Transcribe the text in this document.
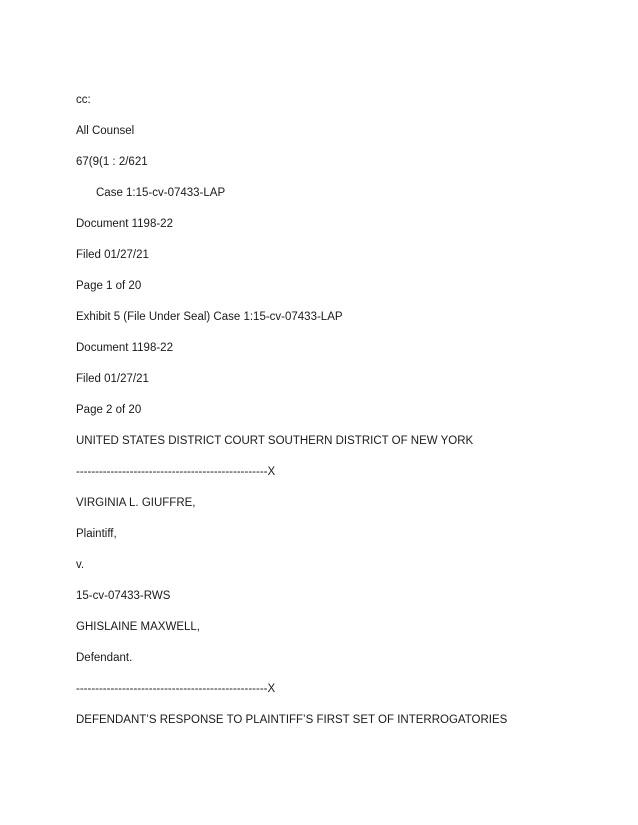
cc:

All Counsel

67(9(1 : 2/621

Case 1:15-cv-07433-LAP

Document 1198-22

Filed 01/27/21

Page 1 of 20

Exhibit 5 (File Under Seal) Case 1:15-cv-07433-LAP

Document 1198-22

Filed 01/27/21

Page 2 of 20

UNITED STATES DISTRICT COURT SOUTHERN DISTRICT OF NEW YORK

--------------------------------------------------X

VIRGINIA L. GIUFFRE,

Plaintiff,

v.

15-cv-07433-RWS

GHISLAINE MAXWELL,

Defendant.

--------------------------------------------------X

DEFENDANT’S RESPONSE TO PLAINTIFF’S FIRST SET OF INTERROGATORIES
